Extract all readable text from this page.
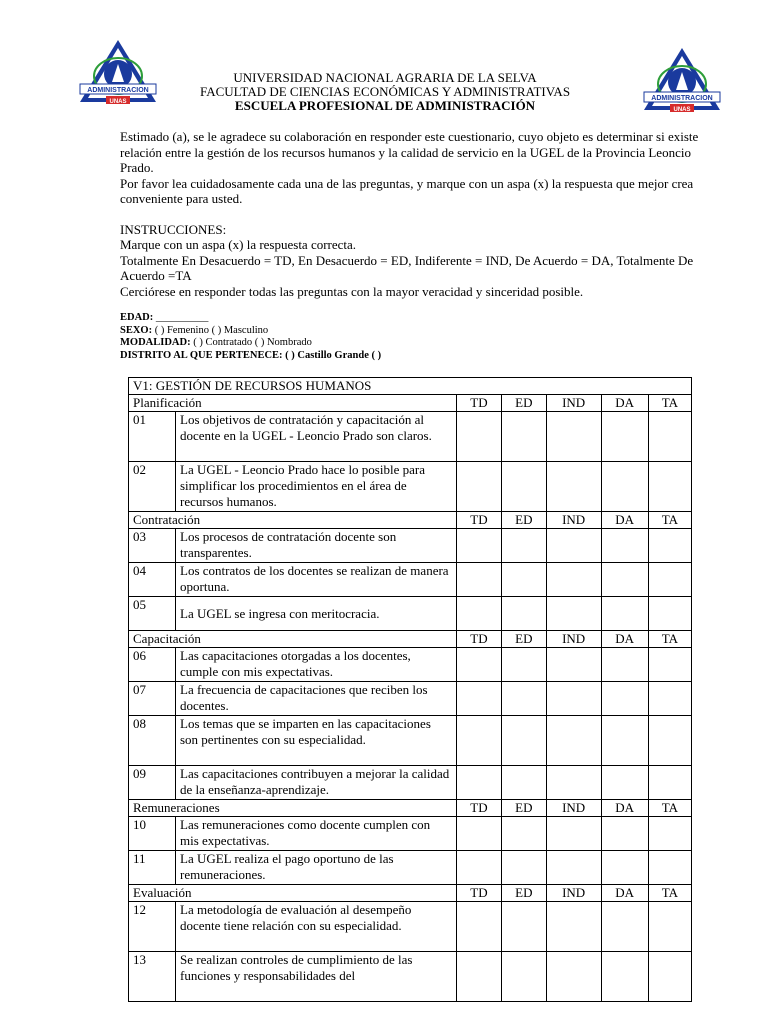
ADMINISTRACION
UNAS	ADMINISTRACION
UNAS
UNIVERSIDAD NACIONAL AGRARIA DE LA SELVA
FACULTAD DE CIENCIAS ECONÓMICAS Y ADMINISTRATIVAS
ESCUELA PROFESIONAL DE ADMINISTRACIÓN

Estimado (a), se le agradece su colaboración en responder este cuestionario, cuyo objeto es determinar si existe relación entre la gestión de los recursos humanos y la calidad de servicio en la UGEL de la Provincia Leoncio Prado.

Por favor lea cuidadosamente cada una de las preguntas, y marque con un aspa (x) la respuesta que mejor crea conveniente para usted.

INSTRUCCIONES:

Marque con un aspa (x) la respuesta correcta.

Totalmente En Desacuerdo = TD, En Desacuerdo = ED, Indiferente = IND, De Acuerdo = DA, Totalmente De Acuerdo =TA

Cerciórese en responder todas las preguntas con la mayor veracidad y sinceridad posible.

EDAD: __________

SEXO: ( ) Femenino ( ) Masculino

MODALIDAD: ( ) Contratado ( ) Nombrado

DISTRITO AL QUE PERTENECE: ( ) Castillo Grande ( )

V1: GESTIÓN DE RECURSOS HUMANOS						
Planificación		TD	ED	IND	DA	TA
01	Los objetivos de contratación y capacitación al docente en la UGEL - Leoncio Prado son claros.					
02	La UGEL - Leoncio Prado hace lo posible para simplificar los procedimientos en el área de recursos humanos.					
Contratación		TD	ED	IND	DA	TA
03	Los procesos de contratación docente son transparentes.					
04	Los contratos de los docentes se realizan de manera oportuna.					
05	La UGEL se ingresa con meritocracia.					
Capacitación		TD	ED	IND	DA	TA
06	Las capacitaciones otorgadas a los docentes, cumple con mis expectativas.					
07	La frecuencia de capacitaciones que reciben los docentes.					
08	Los temas que se imparten en las capacitaciones son pertinentes con su especialidad.					
09	Las capacitaciones contribuyen a mejorar la calidad de la enseñanza-aprendizaje.					
Remuneraciones		TD	ED	IND	DA	TA
10	Las remuneraciones como docente cumplen con mis expectativas.					
11	La UGEL realiza el pago oportuno de las remuneraciones.					
Evaluación		TD	ED	IND	DA	TA
12	La metodología de evaluación al desempeño docente tiene relación con su especialidad.					
13	Se realizan controles de cumplimiento de las funciones y responsabilidades del					
